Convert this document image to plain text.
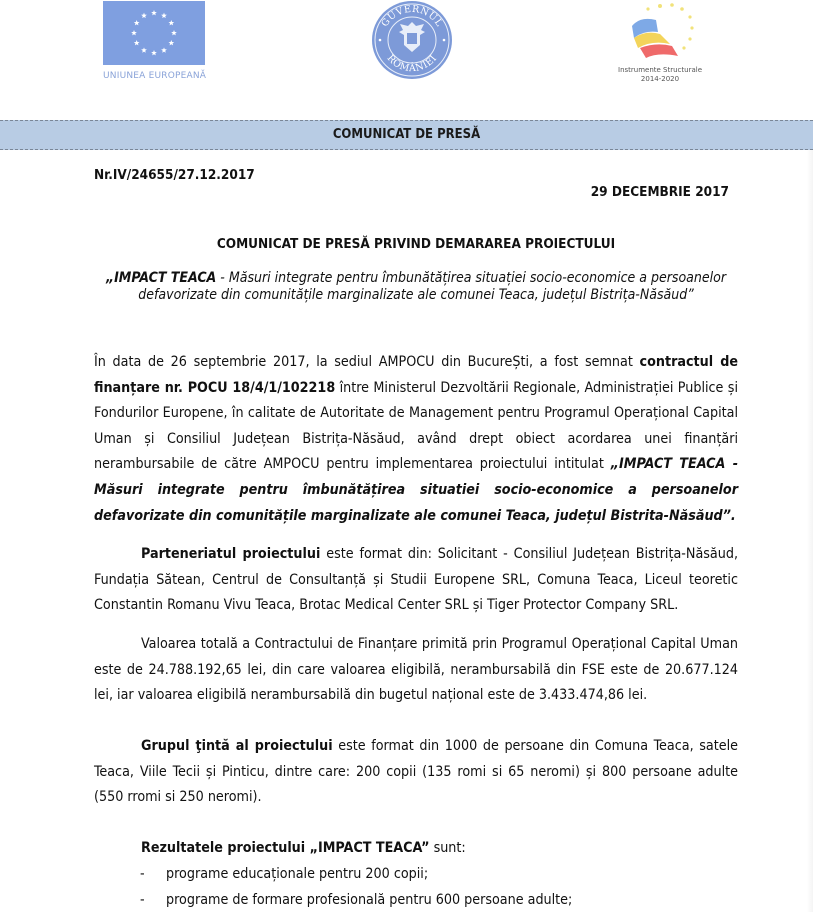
UNIUNEA EUROPEANĂ
GUVERNUL
ROMÂNIEI
Instrumente Structurale
2014-2020
COMUNICAT DE PRESĂ
Nr.IV/24655/27.12.2017
29 DECEMBRIE 2017
COMUNICAT DE PRESĂ PRIVIND DEMARAREA PROIECTULUI
„IMPACT TEACA - Măsuri integrate pentru îmbunătățirea situației socio-economice a persoanelor defavorizate din comunitățile marginalizate ale comunei Teaca, județul Bistrița-Năsăud”
În data de 26 septembrie 2017, la sediul AMPOCU din BucureȘti, a fost semnat contractul de finanțare nr. POCU 18/4/1/102218 între Ministerul Dezvoltării Regionale, Administrației Publice și Fondurilor Europene, în calitate de Autoritate de Management pentru Programul Operațional Capital Uman și Consiliul Județean Bistrița-Năsăud, având drept obiect acordarea unei finanțări nerambursabile de către AMPOCU pentru implementarea proiectului intitulat „IMPACT TEACA - Măsuri integrate pentru îmbunătățirea situatiei socio-economice a persoanelor defavorizate din comunitățile marginalizate ale comunei Teaca, județul Bistrita-Năsăud”.
Parteneriatul proiectului este format din: Solicitant - Consiliul Județean Bistrița-Năsăud, Fundația Sătean, Centrul de Consultanță și Studii Europene SRL, Comuna Teaca, Liceul teoretic Constantin Romanu Vivu Teaca, Brotac Medical Center SRL și Tiger Protector Company SRL.
Valoarea totală a Contractului de Finanțare primită prin Programul Operațional Capital Uman este de 24.788.192,65 lei, din care valoarea eligibilă, nerambursabilă din FSE este de 20.677.124 lei, iar valoarea eligibilă nerambursabilă din bugetul național este de 3.433.474,86 lei.
Grupul ţintă al proiectului este format din 1000 de persoane din Comuna Teaca, satele Teaca, Viile Tecii și Pinticu, dintre care: 200 copii (135 romi si 65 neromi) și 800 persoane adulte (550 rromi si 250 neromi).
Rezultatele proiectului „IMPACT TEACA” sunt:
-	programe educaționale pentru 200 copii;
-	programe de formare profesională pentru 600 persoane adulte;
